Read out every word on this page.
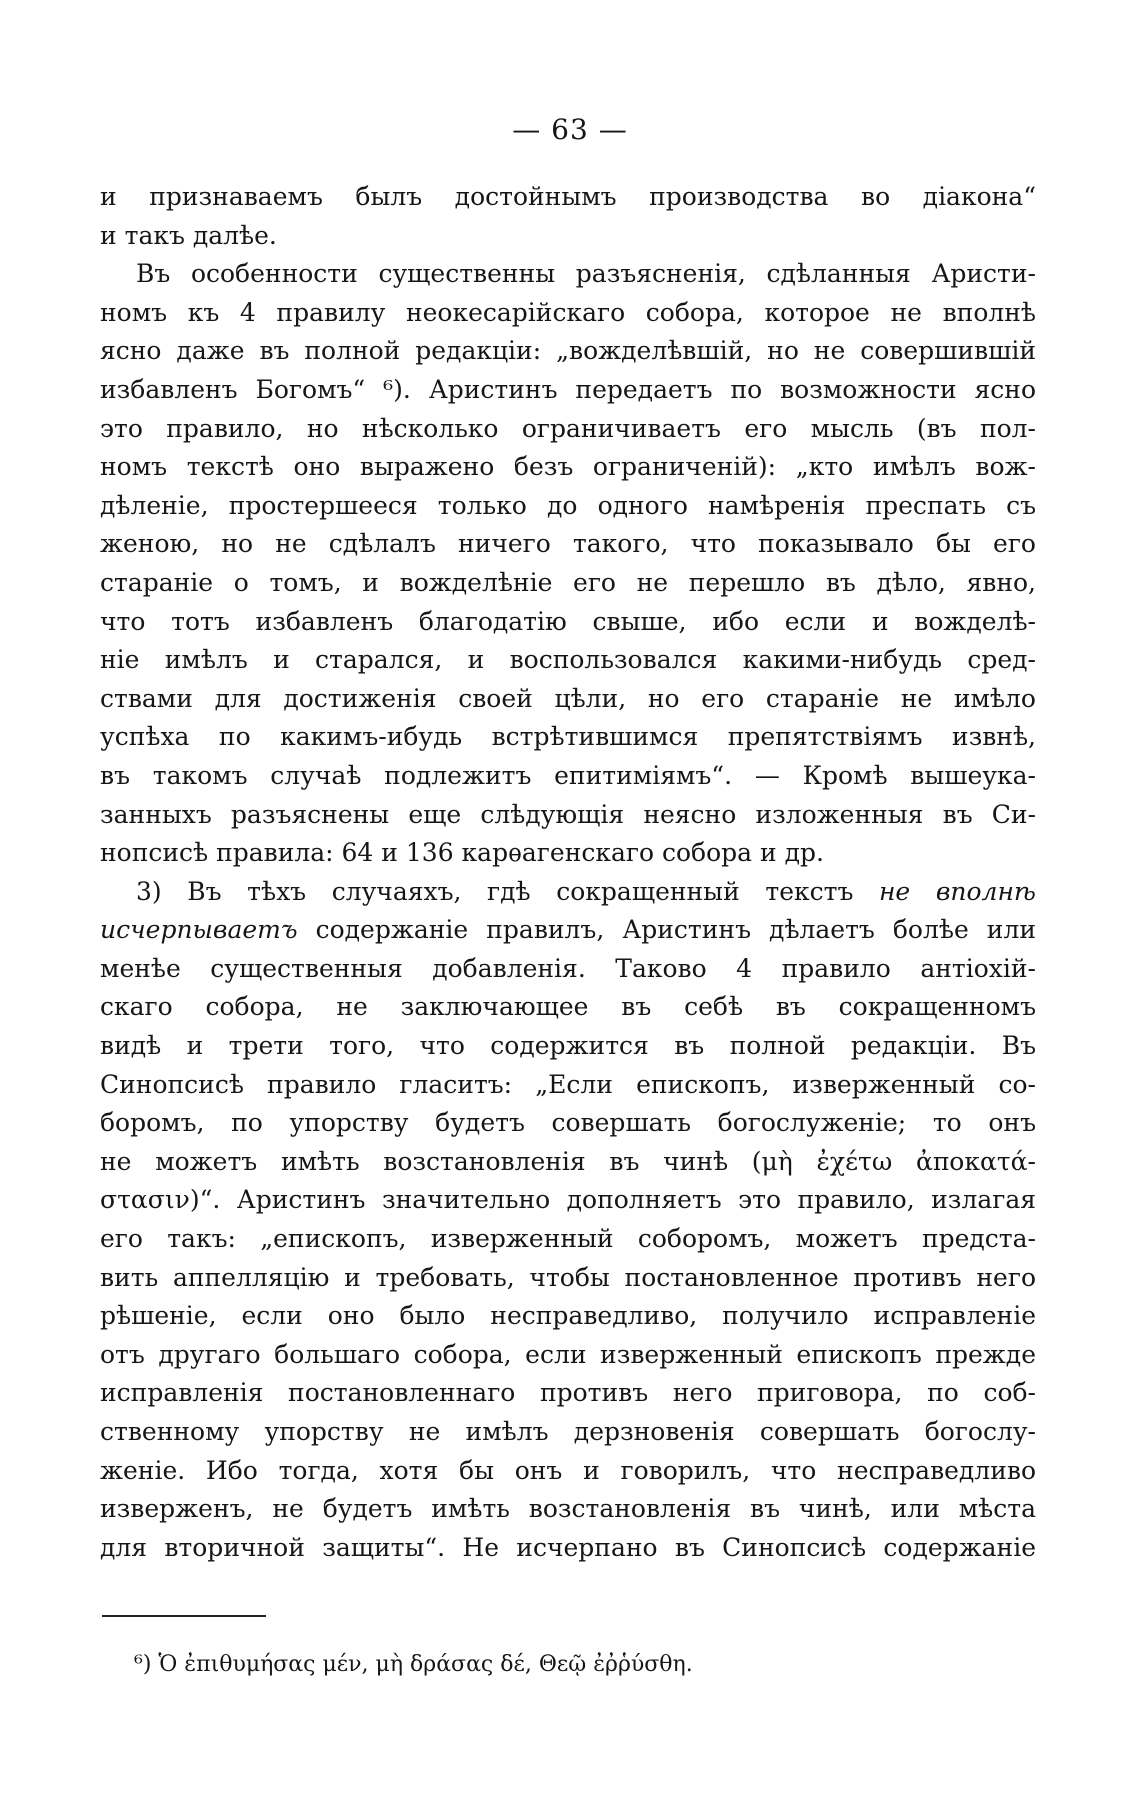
— 63 —
и признаваемъ былъ достойнымъ производства во діакона“
и такъ далѣе.
Въ особенности существенны разъясненія, сдѣланныя Аристи-
номъ къ 4 правилу неокесарійскаго собора, которое не вполнѣ
ясно даже въ полной редакціи: „вожделѣвшій, но не совершившій
избавленъ Богомъ“ ⁶). Аристинъ передаетъ по возможности ясно
это правило, но нѣсколько ограничиваетъ его мысль (въ пол-
номъ текстѣ оно выражено безъ ограниченій): „кто имѣлъ вож-
дѣленіе, простершееся только до одного намѣренія преспать съ
женою, но не сдѣлалъ ничего такого, что показывало бы его
стараніе о томъ, и вожделѣніе его не перешло въ дѣло, явно,
что тотъ избавленъ благодатію свыше, ибо если и вожделѣ-
ніе имѣлъ и старался, и воспользовался какими-нибудь сред-
ствами для достиженія своей цѣли, но его стараніе не имѣло
успѣха по какимъ-ибудь встрѣтившимся препятствіямъ извнѣ,
въ такомъ случаѣ подлежитъ епитиміямъ“. — Кромѣ вышеука-
занныхъ разъяснены еще слѣдующія неясно изложенныя въ Си-
нопсисѣ правила: 64 и 136 карѳагенскаго собора и др.
3) Въ тѣхъ случаяхъ, гдѣ сокращенный текстъ не вполнѣ
исчерпываетъ содержаніе правилъ, Аристинъ дѣлаетъ болѣе или
менѣе существенныя добавленія. Таково 4 правило антіохій-
скаго собора, не заключающее въ себѣ въ сокращенномъ
видѣ и трети того, что содержится въ полной редакціи. Въ
Синопсисѣ правило гласитъ: „Если епископъ, изверженный со-
боромъ, по упорству будетъ совершать богослуженіе; то онъ
не можетъ имѣть возстановленія въ чинѣ (μὴ ἐχέτω ἀποκατά-
στασιν)“. Аристинъ значительно дополняетъ это правило, излагая
его такъ: „епископъ, изверженный соборомъ, можетъ предста-
вить аппелляцію и требовать, чтобы постановленное противъ него
рѣшеніе, если оно было несправедливо, получило исправленіе
отъ другаго большаго собора, если изверженный епископъ прежде
исправленія постановленнаго противъ него приговора, по соб-
ственному упорству не имѣлъ дерзновенія совершать богослу-
женіе. Ибо тогда, хотя бы онъ и говорилъ, что несправедливо
изверженъ, не будетъ имѣть возстановленія въ чинѣ, или мѣста
для вторичной защиты“. Не исчерпано въ Синопсисѣ содержаніе
⁶) Ὁ ἐπιθυμήσας μέν, μὴ δράσας δέ, Θεῷ ἐῤῥύσθη.
